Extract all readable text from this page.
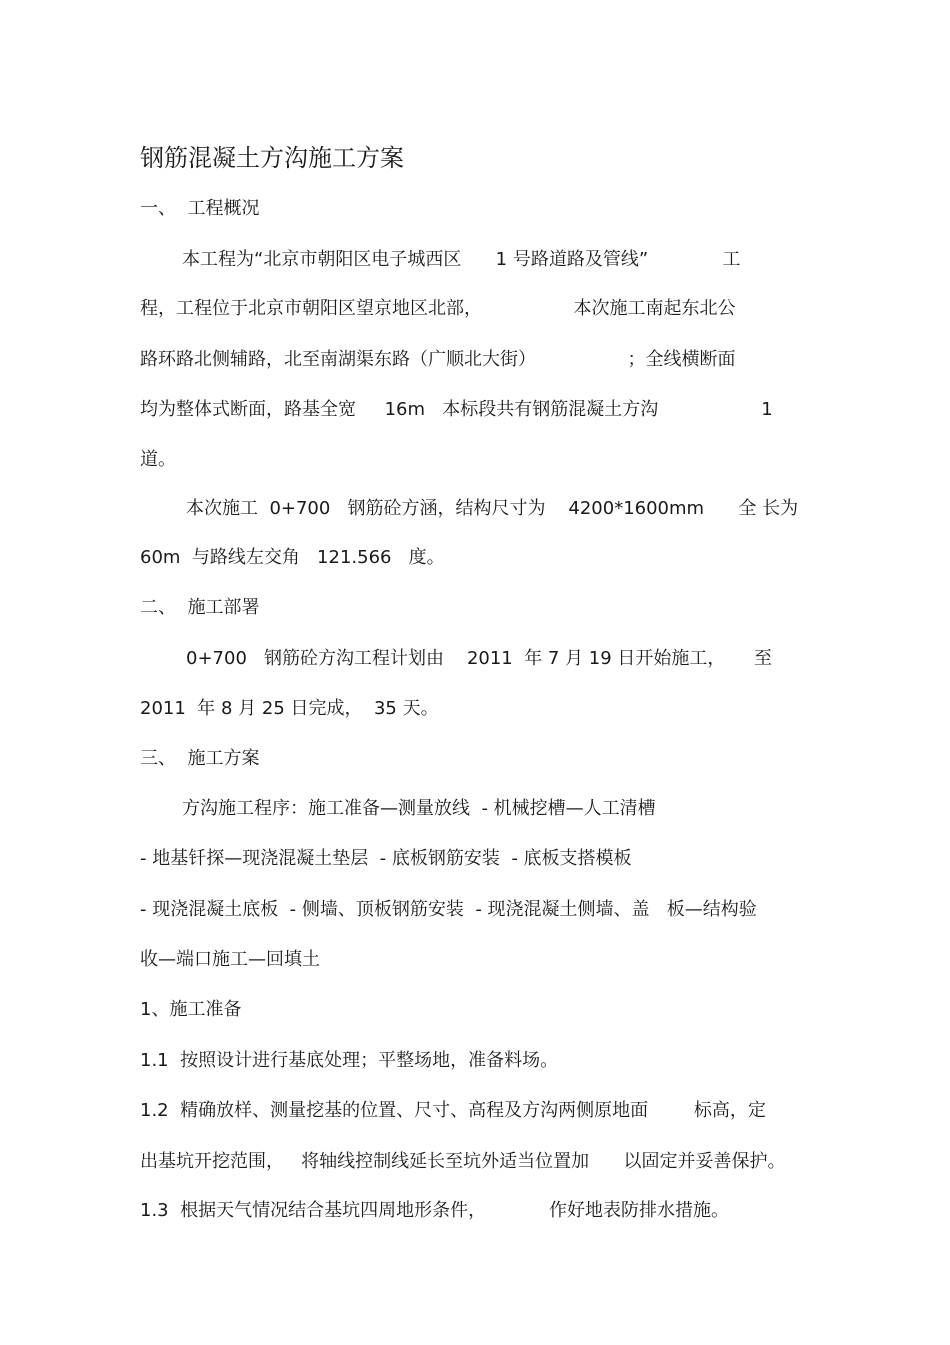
钢筋混凝土方沟施工方案
一、  工程概况
本工程为“北京市朝阳区电子城西区      1 号路道路及管线”             工
程，工程位于北京市朝阳区望京地区北部，                本次施工南起东北公
路环路北侧辅路，北至南湖渠东路（广顺北大街）                ；全线横断面
均为整体式断面，路基全宽     16m   本标段共有钢筋混凝土方沟                  1
道。
本次施工  0+700   钢筋砼方涵，结构尺寸为    4200*1600mm      全 长为
60m  与路线左交角   121.566   度。
二、  施工部署
0+700   钢筋砼方沟工程计划由    2011  年 7 月 19 日开始施工，     至
2011  年 8 月 25 日完成，  35 天。
三、  施工方案
方沟施工程序：施工准备—测量放线  - 机械挖槽—人工清槽
- 地基钎探—现浇混凝土垫层  - 底板钢筋安装  - 底板支搭模板
- 现浇混凝土底板  - 侧墙、顶板钢筋安装  - 现浇混凝土侧墙、盖   板—结构验
收—端口施工—回填土
1、施工准备
1.1  按照设计进行基底处理；平整场地，准备料场。
1.2  精确放样、测量挖基的位置、尺寸、高程及方沟两侧原地面        标高，定
出基坑开挖范围，   将轴线控制线延长至坑外适当位置加      以固定并妥善保护。
1.3  根据天气情况结合基坑四周地形条件，           作好地表防排水措施。
